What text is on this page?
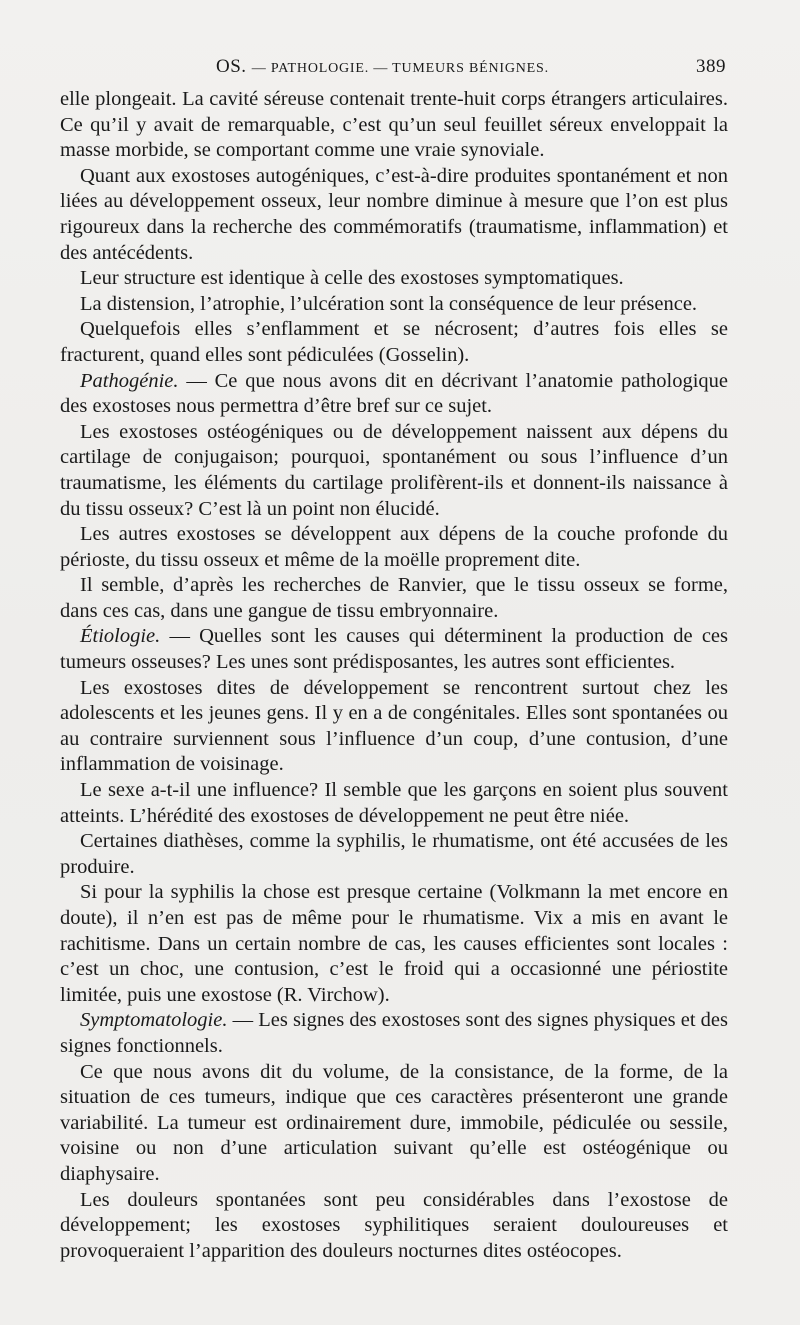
OS. — PATHOLOGIE. — TUMEURS BÉNIGNES.	389

elle plongeait. La cavité séreuse contenait trente-huit corps étrangers articulaires. Ce qu’il y avait de remarquable, c’est qu’un seul feuillet séreux enveloppait la masse morbide, se comportant comme une vraie synoviale.

Quant aux exostoses autogéniques, c’est-à-dire produites spontanément et non liées au développement osseux, leur nombre diminue à mesure que l’on est plus rigoureux dans la recherche des commémoratifs (traumatisme, inflammation) et des antécédents.

Leur structure est identique à celle des exostoses symptomatiques.

La distension, l’atrophie, l’ulcération sont la conséquence de leur présence.

Quelquefois elles s’enflamment et se nécrosent; d’autres fois elles se fracturent, quand elles sont pédiculées (Gosselin).

Pathogénie. — Ce que nous avons dit en décrivant l’anatomie pathologique des exostoses nous permettra d’être bref sur ce sujet.

Les exostoses ostéogéniques ou de développement naissent aux dépens du cartilage de conjugaison; pourquoi, spontanément ou sous l’influence d’un traumatisme, les éléments du cartilage prolifèrent-ils et donnent-ils naissance à du tissu osseux? C’est là un point non élucidé.

Les autres exostoses se développent aux dépens de la couche profonde du périoste, du tissu osseux et même de la moëlle proprement dite.

Il semble, d’après les recherches de Ranvier, que le tissu osseux se forme, dans ces cas, dans une gangue de tissu embryonnaire.

Étiologie. — Quelles sont les causes qui déterminent la production de ces tumeurs osseuses? Les unes sont prédisposantes, les autres sont efficientes.

Les exostoses dites de développement se rencontrent surtout chez les adolescents et les jeunes gens. Il y en a de congénitales. Elles sont spontanées ou au contraire surviennent sous l’influence d’un coup, d’une contusion, d’une inflammation de voisinage.

Le sexe a-t-il une influence? Il semble que les garçons en soient plus souvent atteints. L’hérédité des exostoses de développement ne peut être niée.

Certaines diathèses, comme la syphilis, le rhumatisme, ont été accusées de les produire.

Si pour la syphilis la chose est presque certaine (Volkmann la met encore en doute), il n’en est pas de même pour le rhumatisme. Vix a mis en avant le rachitisme. Dans un certain nombre de cas, les causes efficientes sont locales : c’est un choc, une contusion, c’est le froid qui a occasionné une périostite limitée, puis une exostose (R. Virchow).

Symptomatologie. — Les signes des exostoses sont des signes physiques et des signes fonctionnels.

Ce que nous avons dit du volume, de la consistance, de la forme, de la situation de ces tumeurs, indique que ces caractères présenteront une grande variabilité. La tumeur est ordinairement dure, immobile, pédiculée ou sessile, voisine ou non d’une articulation suivant qu’elle est ostéogénique ou diaphysaire.

Les douleurs spontanées sont peu considérables dans l’exostose de développement; les exostoses syphilitiques seraient douloureuses et provoqueraient l’apparition des douleurs nocturnes dites ostéocopes.
